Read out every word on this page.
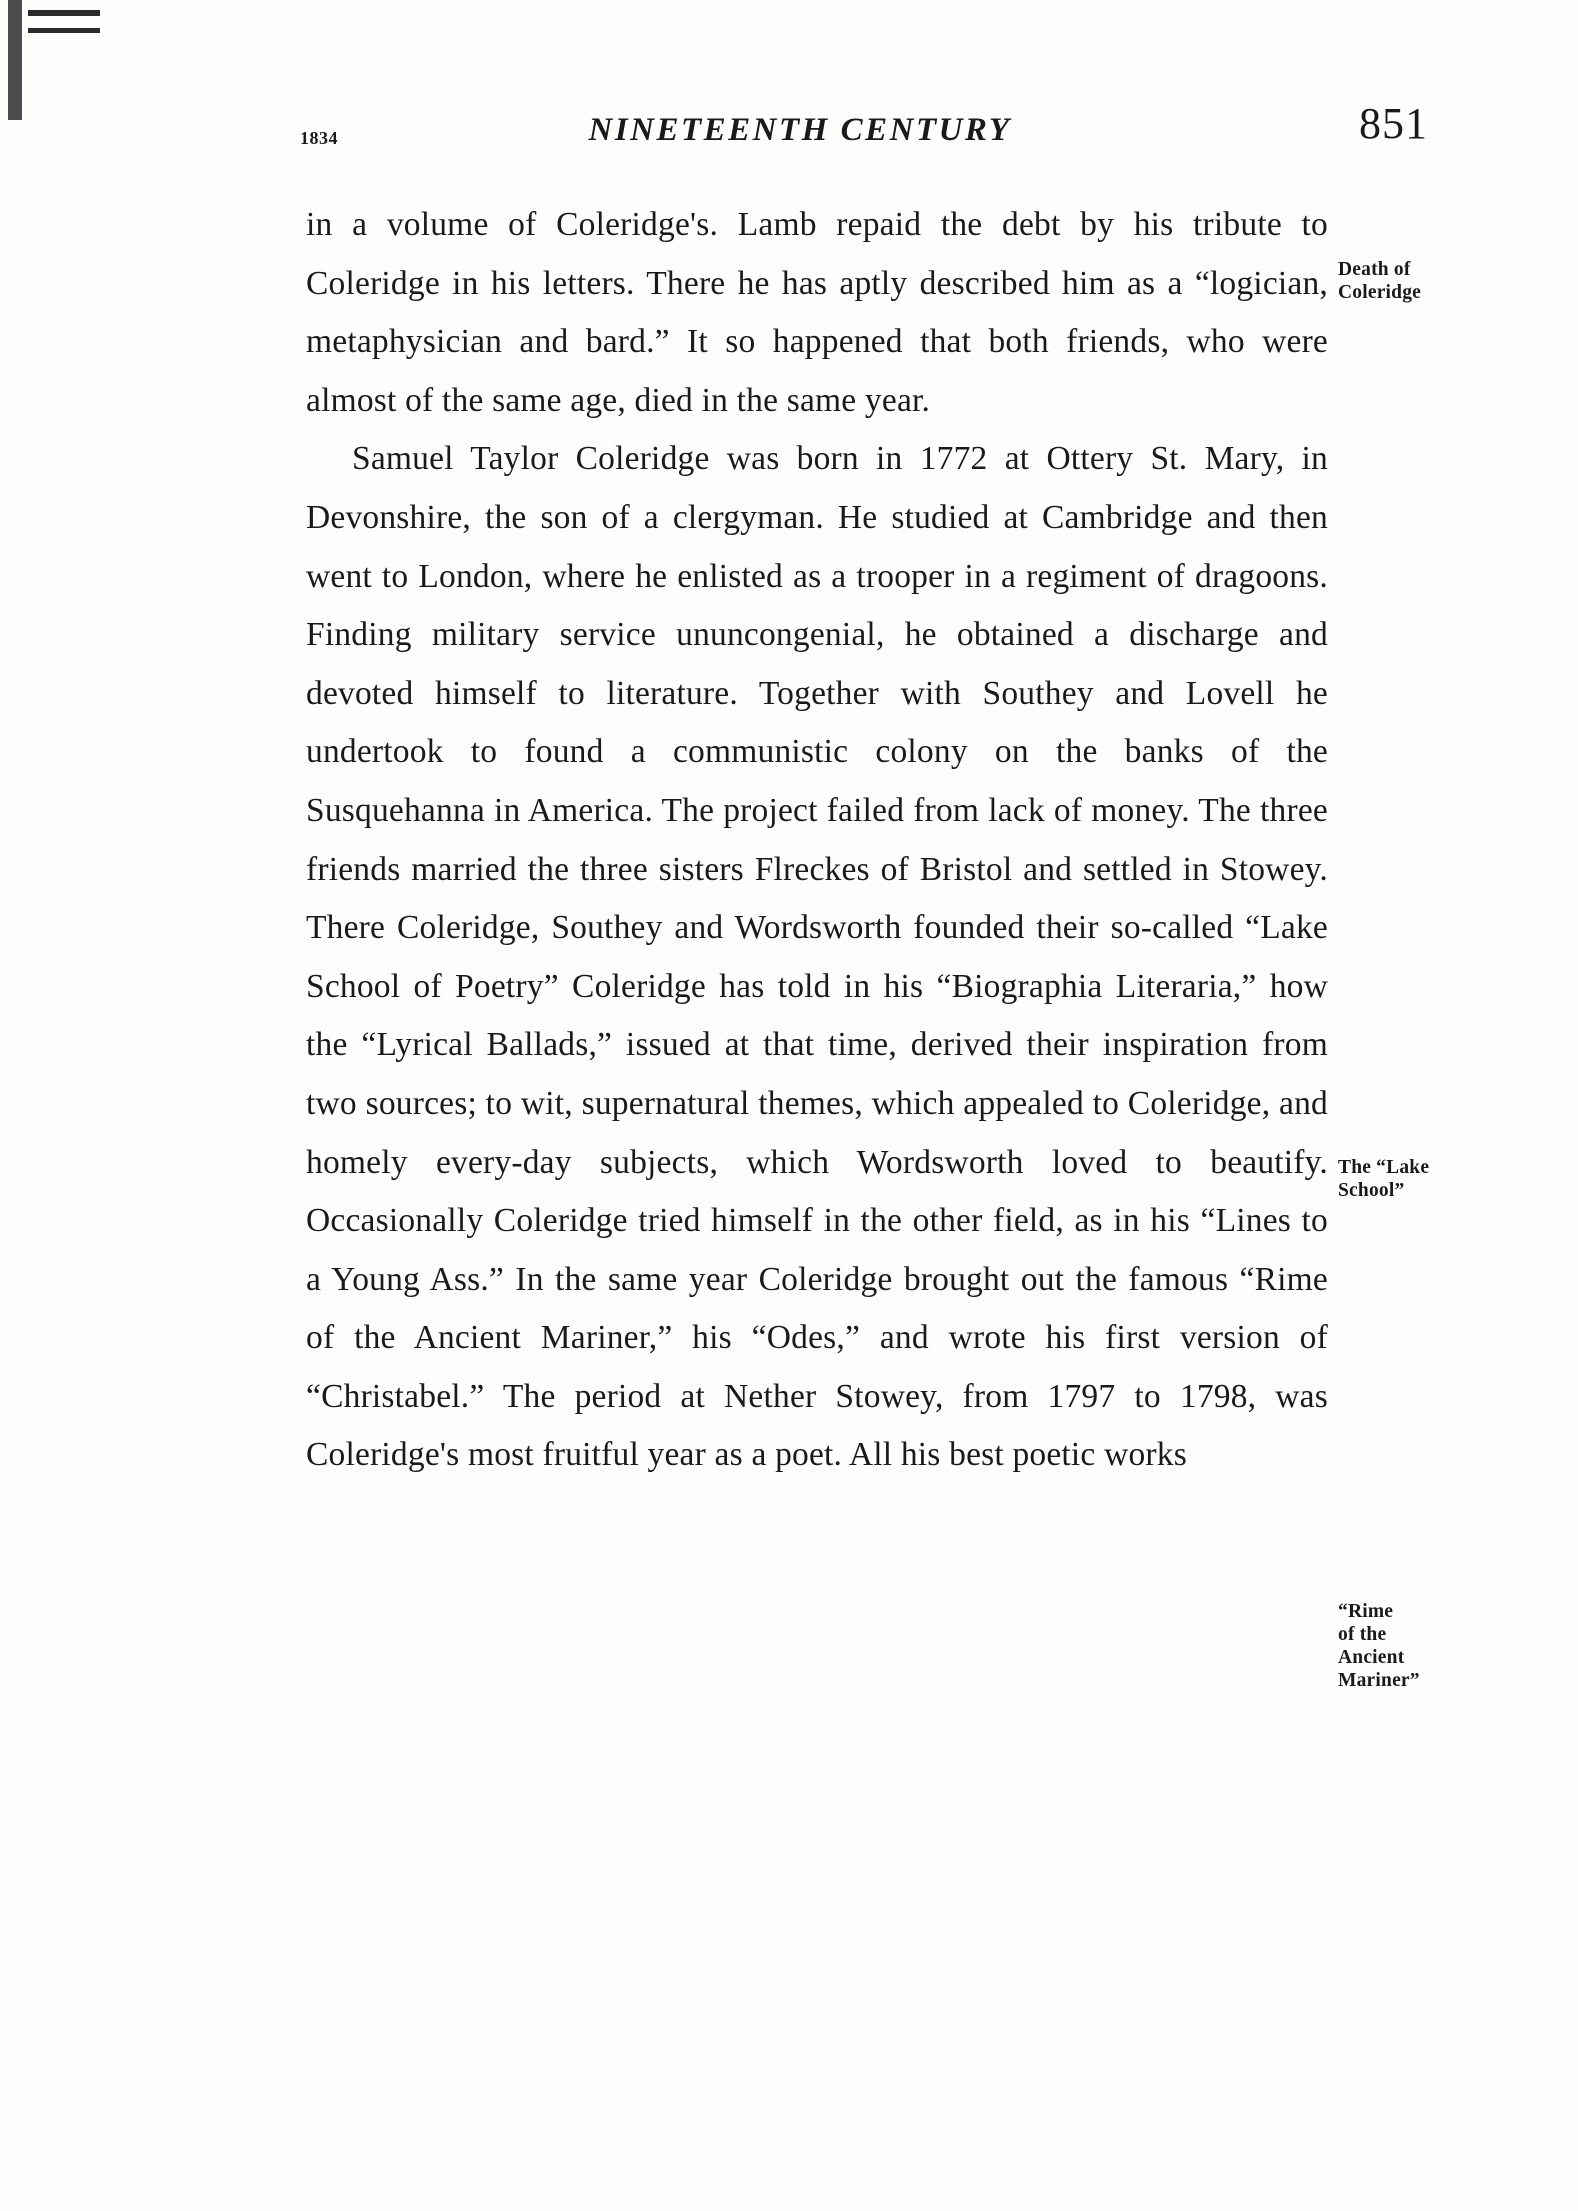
1834	NINETEENTH CENTURY	851

in a volume of Coleridge's. Lamb repaid the debt by his tribute to Coleridge in his letters. There he has aptly described him as a “logician, metaphysician and bard.” It so happened that both friends, who were almost of the same age, died in the same year.

Samuel Taylor Coleridge was born in 1772 at Ottery St. Mary, in Devonshire, the son of a clergyman. He studied at Cambridge and then went to London, where he enlisted as a trooper in a regiment of dragoons. Finding military service ununcongenial, he obtained a discharge and devoted himself to literature. Together with Southey and Lovell he undertook to found a communistic colony on the banks of the Susquehanna in America. The project failed from lack of money. The three friends married the three sisters Flreckes of Bristol and settled in Stowey. There Coleridge, Southey and Wordsworth founded their so-called “Lake School of Poetry” Coleridge has told in his “Biographia Literaria,” how the “Lyrical Ballads,” issued at that time, derived their inspiration from two sources; to wit, supernatural themes, which appealed to Coleridge, and homely every-day subjects, which Wordsworth loved to beautify. Occasionally Coleridge tried himself in the other field, as in his “Lines to a Young Ass.” In the same year Coleridge brought out the famous “Rime of the Ancient Mariner,” his “Odes,” and wrote his first version of “Christabel.” The period at Nether Stowey, from 1797 to 1798, was Coleridge's most fruitful year as a poet. All his best poetic works

Death of
Coleridge
The “Lake
School”
“Rime
of the
Ancient
Mariner”
